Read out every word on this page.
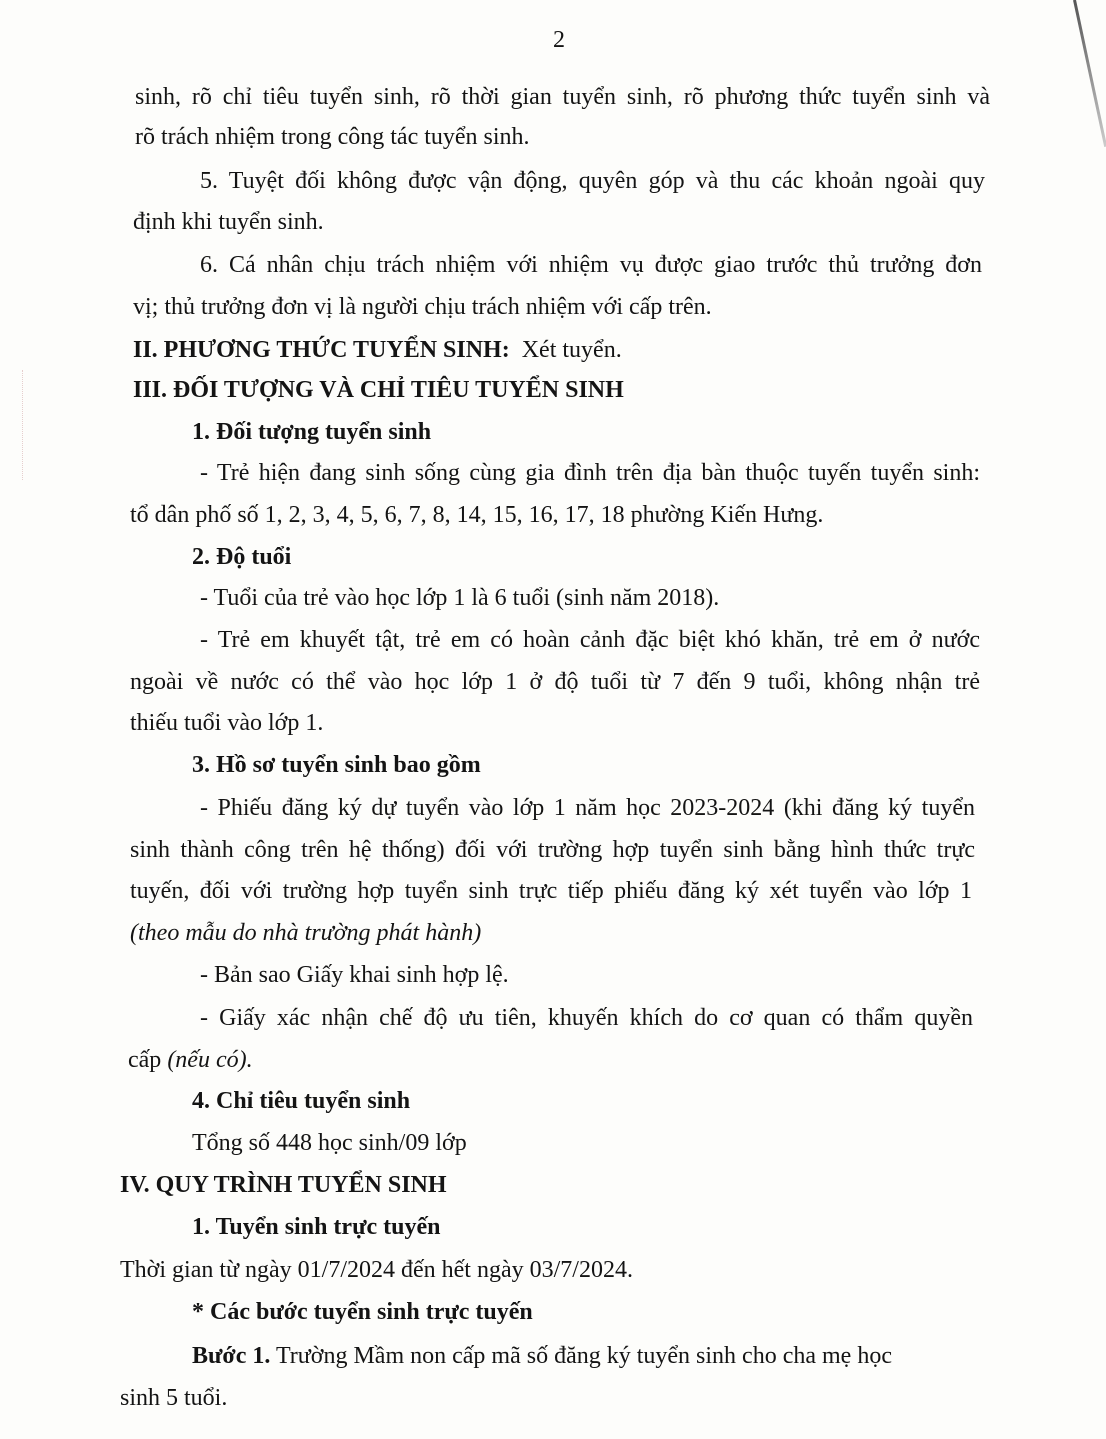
2
sinh, rõ chỉ tiêu tuyển sinh, rõ thời gian tuyển sinh, rõ phương thức tuyển sinh và
rõ trách nhiệm trong công tác tuyển sinh.
5. Tuyệt đối không được vận động, quyên góp và thu các khoản ngoài quy
định khi tuyển sinh.
6. Cá nhân chịu trách nhiệm với nhiệm vụ được giao trước thủ trưởng đơn
vị; thủ trưởng đơn vị là người chịu trách nhiệm với cấp trên.
II. PHƯƠNG THỨC TUYỂN SINH: Xét tuyển.
III. ĐỐI TƯỢNG VÀ CHỈ TIÊU TUYỂN SINH
1. Đối tượng tuyển sinh
- Trẻ hiện đang sinh sống cùng gia đình trên địa bàn thuộc tuyến tuyển sinh:
tổ dân phố số 1, 2, 3, 4, 5, 6, 7, 8, 14, 15, 16, 17, 18 phường Kiến Hưng.
2. Độ tuổi
- Tuổi của trẻ vào học lớp 1 là 6 tuổi (sinh năm 2018).
- Trẻ em khuyết tật, trẻ em có hoàn cảnh đặc biệt khó khăn, trẻ em ở nước
ngoài về nước có thể vào học lớp 1 ở độ tuổi từ 7 đến 9 tuổi, không nhận trẻ
thiếu tuổi vào lớp 1.
3. Hồ sơ tuyển sinh bao gồm
- Phiếu đăng ký dự tuyển vào lớp 1 năm học 2023-2024 (khi đăng ký tuyển
sinh thành công trên hệ thống) đối với trường hợp tuyển sinh bằng hình thức trực
tuyến, đối với trường hợp tuyển sinh trực tiếp phiếu đăng ký xét tuyển vào lớp 1
(theo mẫu do nhà trường phát hành)
- Bản sao Giấy khai sinh hợp lệ.
- Giấy xác nhận chế độ ưu tiên, khuyến khích do cơ quan có thẩm quyền
cấp (nếu có).
4. Chỉ tiêu tuyển sinh
Tổng số 448 học sinh/09 lớp
IV. QUY TRÌNH TUYỂN SINH
1. Tuyển sinh trực tuyến
Thời gian từ ngày 01/7/2024 đến hết ngày 03/7/2024.
* Các bước tuyển sinh trực tuyến
Bước 1. Trường Mầm non cấp mã số đăng ký tuyển sinh cho cha mẹ học
sinh 5 tuổi.
